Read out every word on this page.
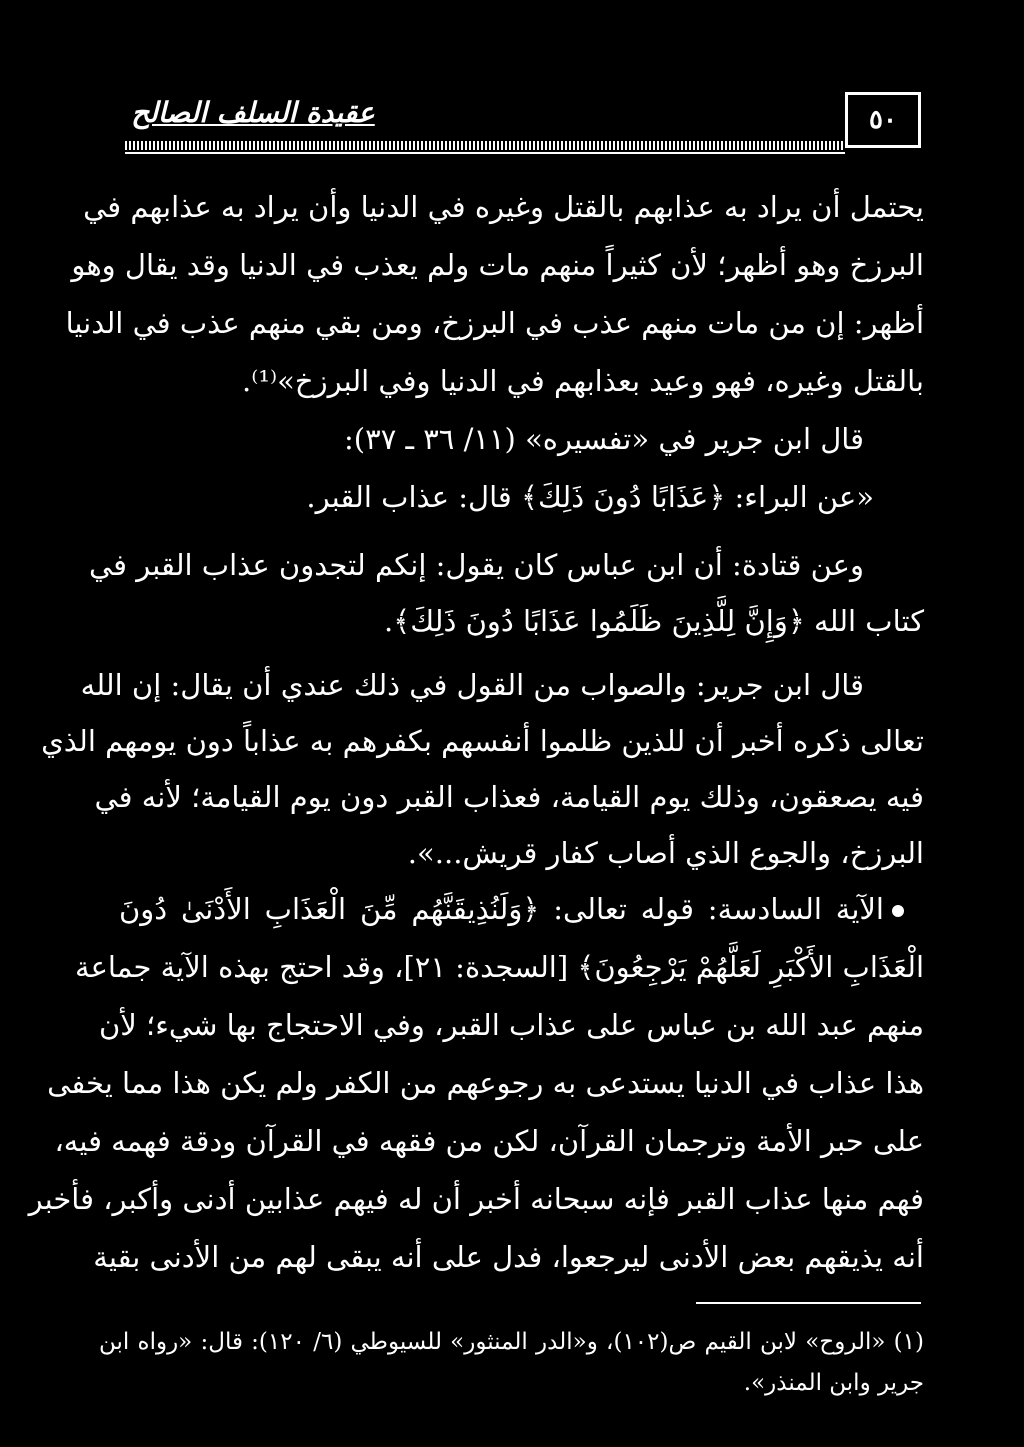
٥٠
عقيدة السلف الصالح
يحتمل أن يراد به عذابهم بالقتل وغيره في الدنيا وأن يراد به عذابهم في
البرزخ وهو أظهر؛ لأن كثيراً منهم مات ولم يعذب في الدنيا وقد يقال وهو
أظهر: إن من مات منهم عذب في البرزخ، ومن بقي منهم عذب في الدنيا
بالقتل وغيره، فهو وعيد بعذابهم في الدنيا وفي البرزخ»⁽¹⁾.
قال ابن جرير في «تفسيره» (١١/ ٣٦ ـ ٣٧):
«عن البراء: ﴿عَذَابًا دُونَ ذَلِكَ﴾ قال: عذاب القبر.
وعن قتادة: أن ابن عباس كان يقول: إنكم لتجدون عذاب القبر في
كتاب الله ﴿وَإِنَّ لِلَّذِينَ ظَلَمُوا عَذَابًا دُونَ ذَلِكَ﴾.
قال ابن جرير: والصواب من القول في ذلك عندي أن يقال: إن الله
تعالى ذكره أخبر أن للذين ظلموا أنفسهم بكفرهم به عذاباً دون يومهم الذي
فيه يصعقون، وذلك يوم القيامة، فعذاب القبر دون يوم القيامة؛ لأنه في
البرزخ، والجوع الذي أصاب كفار قريش...».
الآية السادسة: قوله تعالى: ﴿وَلَنُذِيقَنَّهُم مِّنَ الْعَذَابِ الأَدْنَىٰ دُونَ
الْعَذَابِ الأَكْبَرِ لَعَلَّهُمْ يَرْجِعُونَ﴾ [السجدة: ٢١]، وقد احتج بهذه الآية جماعة
منهم عبد الله بن عباس على عذاب القبر، وفي الاحتجاج بها شيء؛ لأن
هذا عذاب في الدنيا يستدعى به رجوعهم من الكفر ولم يكن هذا مما يخفى
على حبر الأمة وترجمان القرآن، لكن من فقهه في القرآن ودقة فهمه فيه،
فهم منها عذاب القبر فإنه سبحانه أخبر أن له فيهم عذابين أدنى وأكبر، فأخبر
أنه يذيقهم بعض الأدنى ليرجعوا، فدل على أنه يبقى لهم من الأدنى بقية
(١) «الروح» لابن القيم ص(١٠٢)، و«الدر المنثور» للسيوطي (٦/ ١٢٠): قال: «رواه ابن
جرير وابن المنذر».
